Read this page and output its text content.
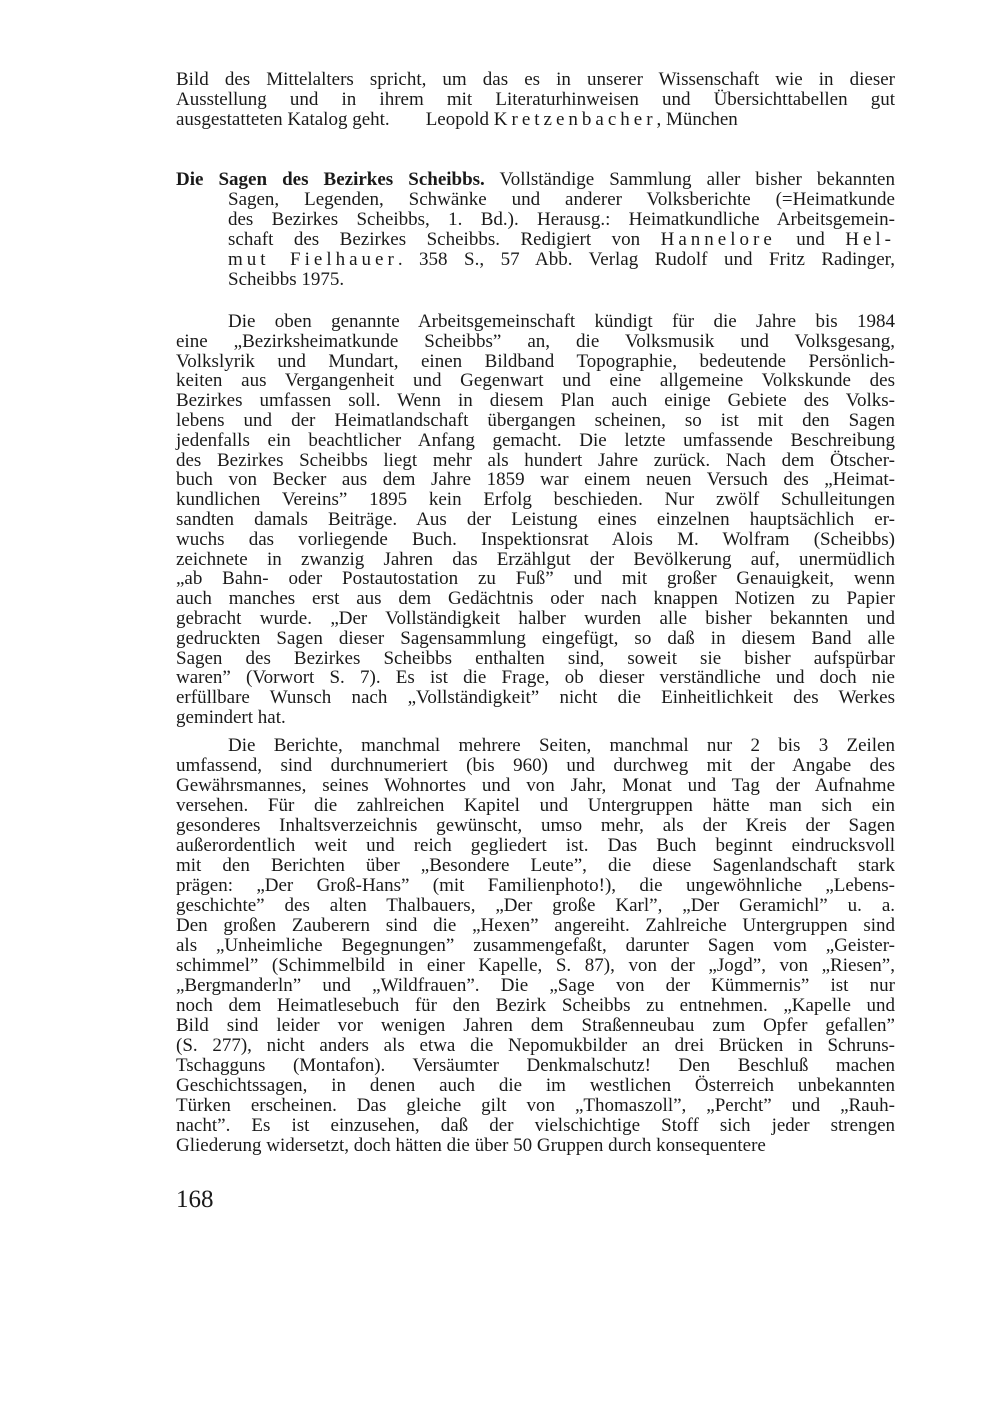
Bild des Mittelalters spricht, um das es in unserer Wissenschaft wie in dieser
Ausstellung und in ihrem mit Literaturhinweisen und Übersichttabellen gut
ausgestatteten Katalog geht. Leopold Kretzenbacher, München
Die Sagen des Bezirkes Scheibbs. Vollständige Sammlung aller bisher bekannten
Sagen, Legenden, Schwänke und anderer Volksberichte (=Heimatkunde
des Bezirkes Scheibbs, 1. Bd.). Herausg.: Heimatkundliche Arbeitsgemein-
schaft des Bezirkes Scheibbs. Redigiert von Hannelore und Hel-
mut Fielhauer. 358 S., 57 Abb. Verlag Rudolf und Fritz Radinger,
Scheibbs 1975.
Die oben genannte Arbeitsgemeinschaft kündigt für die Jahre bis 1984
eine „Bezirksheimatkunde Scheibbs” an, die Volksmusik und Volksgesang,
Volkslyrik und Mundart, einen Bildband Topographie, bedeutende Persönlich-
keiten aus Vergangenheit und Gegenwart und eine allgemeine Volkskunde des
Bezirkes umfassen soll. Wenn in diesem Plan auch einige Gebiete des Volks-
lebens und der Heimatlandschaft übergangen scheinen, so ist mit den Sagen
jedenfalls ein beachtlicher Anfang gemacht. Die letzte umfassende Beschreibung
des Bezirkes Scheibbs liegt mehr als hundert Jahre zurück. Nach dem Ötscher-
buch von Becker aus dem Jahre 1859 war einem neuen Versuch des „Heimat-
kundlichen Vereins” 1895 kein Erfolg beschieden. Nur zwölf Schulleitungen
sandten damals Beiträge. Aus der Leistung eines einzelnen hauptsächlich er-
wuchs das vorliegende Buch. Inspektionsrat Alois M. Wolfram (Scheibbs)
zeichnete in zwanzig Jahren das Erzählgut der Bevölkerung auf, unermüdlich
„ab Bahn- oder Postautostation zu Fuß” und mit großer Genauigkeit, wenn
auch manches erst aus dem Gedächtnis oder nach knappen Notizen zu Papier
gebracht wurde. „Der Vollständigkeit halber wurden alle bisher bekannten und
gedruckten Sagen dieser Sagensammlung eingefügt, so daß in diesem Band alle
Sagen des Bezirkes Scheibbs enthalten sind, soweit sie bisher aufspürbar
waren” (Vorwort S. 7). Es ist die Frage, ob dieser verständliche und doch nie
erfüllbare Wunsch nach „Vollständigkeit” nicht die Einheitlichkeit des Werkes
gemindert hat.
Die Berichte, manchmal mehrere Seiten, manchmal nur 2 bis 3 Zeilen
umfassend, sind durchnumeriert (bis 960) und durchweg mit der Angabe des
Gewährsmannes, seines Wohnortes und von Jahr, Monat und Tag der Aufnahme
versehen. Für die zahlreichen Kapitel und Untergruppen hätte man sich ein
gesonderes Inhaltsverzeichnis gewünscht, umso mehr, als der Kreis der Sagen
außerordentlich weit und reich gegliedert ist. Das Buch beginnt eindrucksvoll
mit den Berichten über „Besondere Leute”, die diese Sagenlandschaft stark
prägen: „Der Groß-Hans” (mit Familienphoto!), die ungewöhnliche „Lebens-
geschichte” des alten Thalbauers, „Der große Karl”, „Der Geramichl” u. a.
Den großen Zauberern sind die „Hexen” angereiht. Zahlreiche Untergruppen sind
als „Unheimliche Begegnungen” zusammengefaßt, darunter Sagen vom „Geister-
schimmel” (Schimmelbild in einer Kapelle, S. 87), von der „Jogd”, von „Riesen”,
„Bergmanderln” und „Wildfrauen”. Die „Sage von der Kümmernis” ist nur
noch dem Heimatlesebuch für den Bezirk Scheibbs zu entnehmen. „Kapelle und
Bild sind leider vor wenigen Jahren dem Straßenneubau zum Opfer gefallen”
(S. 277), nicht anders als etwa die Nepomukbilder an drei Brücken in Schruns-
Tschagguns (Montafon). Versäumter Denkmalschutz! Den Beschluß machen
Geschichtssagen, in denen auch die im westlichen Österreich unbekannten
Türken erscheinen. Das gleiche gilt von „Thomaszoll”, „Percht” und „Rauh-
nacht”. Es ist einzusehen, daß der vielschichtige Stoff sich jeder strengen
Gliederung widersetzt, doch hätten die über 50 Gruppen durch konsequentere
168
